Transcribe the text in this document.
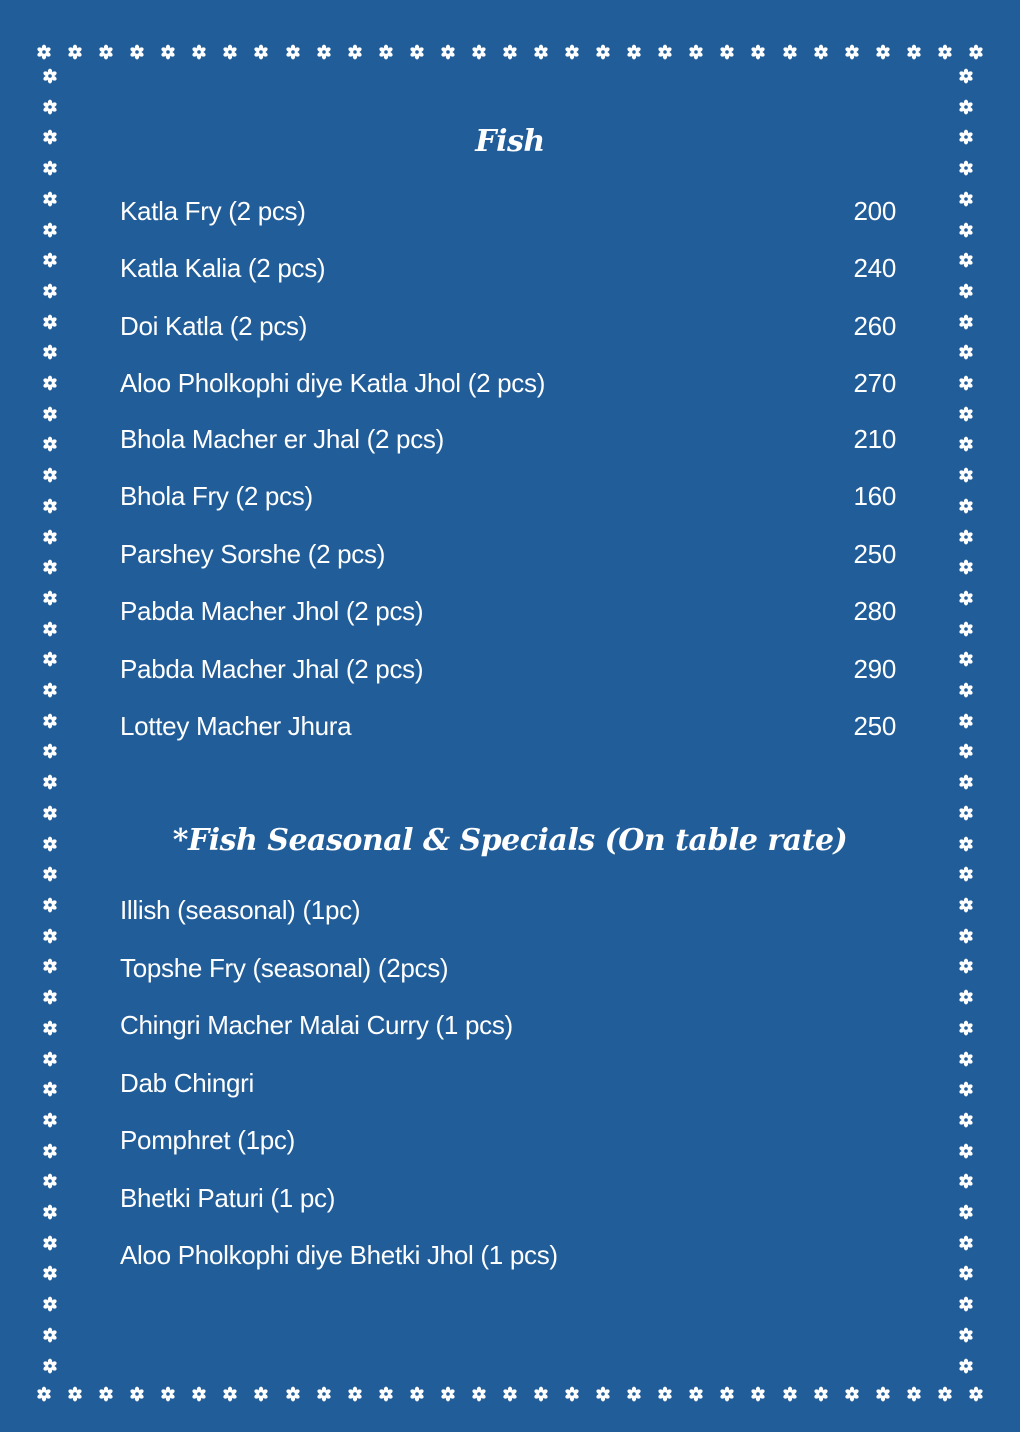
Fish
Katla Fry (2 pcs)	200
Katla Kalia (2 pcs)	240
Doi Katla (2 pcs)	260
Aloo Pholkophi diye Katla Jhol (2 pcs)	270
Bhola Macher er Jhal (2 pcs)	210
Bhola Fry (2 pcs)	160
Parshey Sorshe (2 pcs)	250
Pabda Macher Jhol (2 pcs)	280
Pabda Macher Jhal (2 pcs)	290
Lottey Macher Jhura	250
*Fish Seasonal & Specials (On table rate)
Illish (seasonal) (1pc)
Topshe Fry (seasonal) (2pcs)
Chingri Macher Malai Curry (1 pcs)
Dab Chingri
Pomphret (1pc)
Bhetki Paturi (1 pc)
Aloo Pholkophi diye Bhetki Jhol (1 pcs)
